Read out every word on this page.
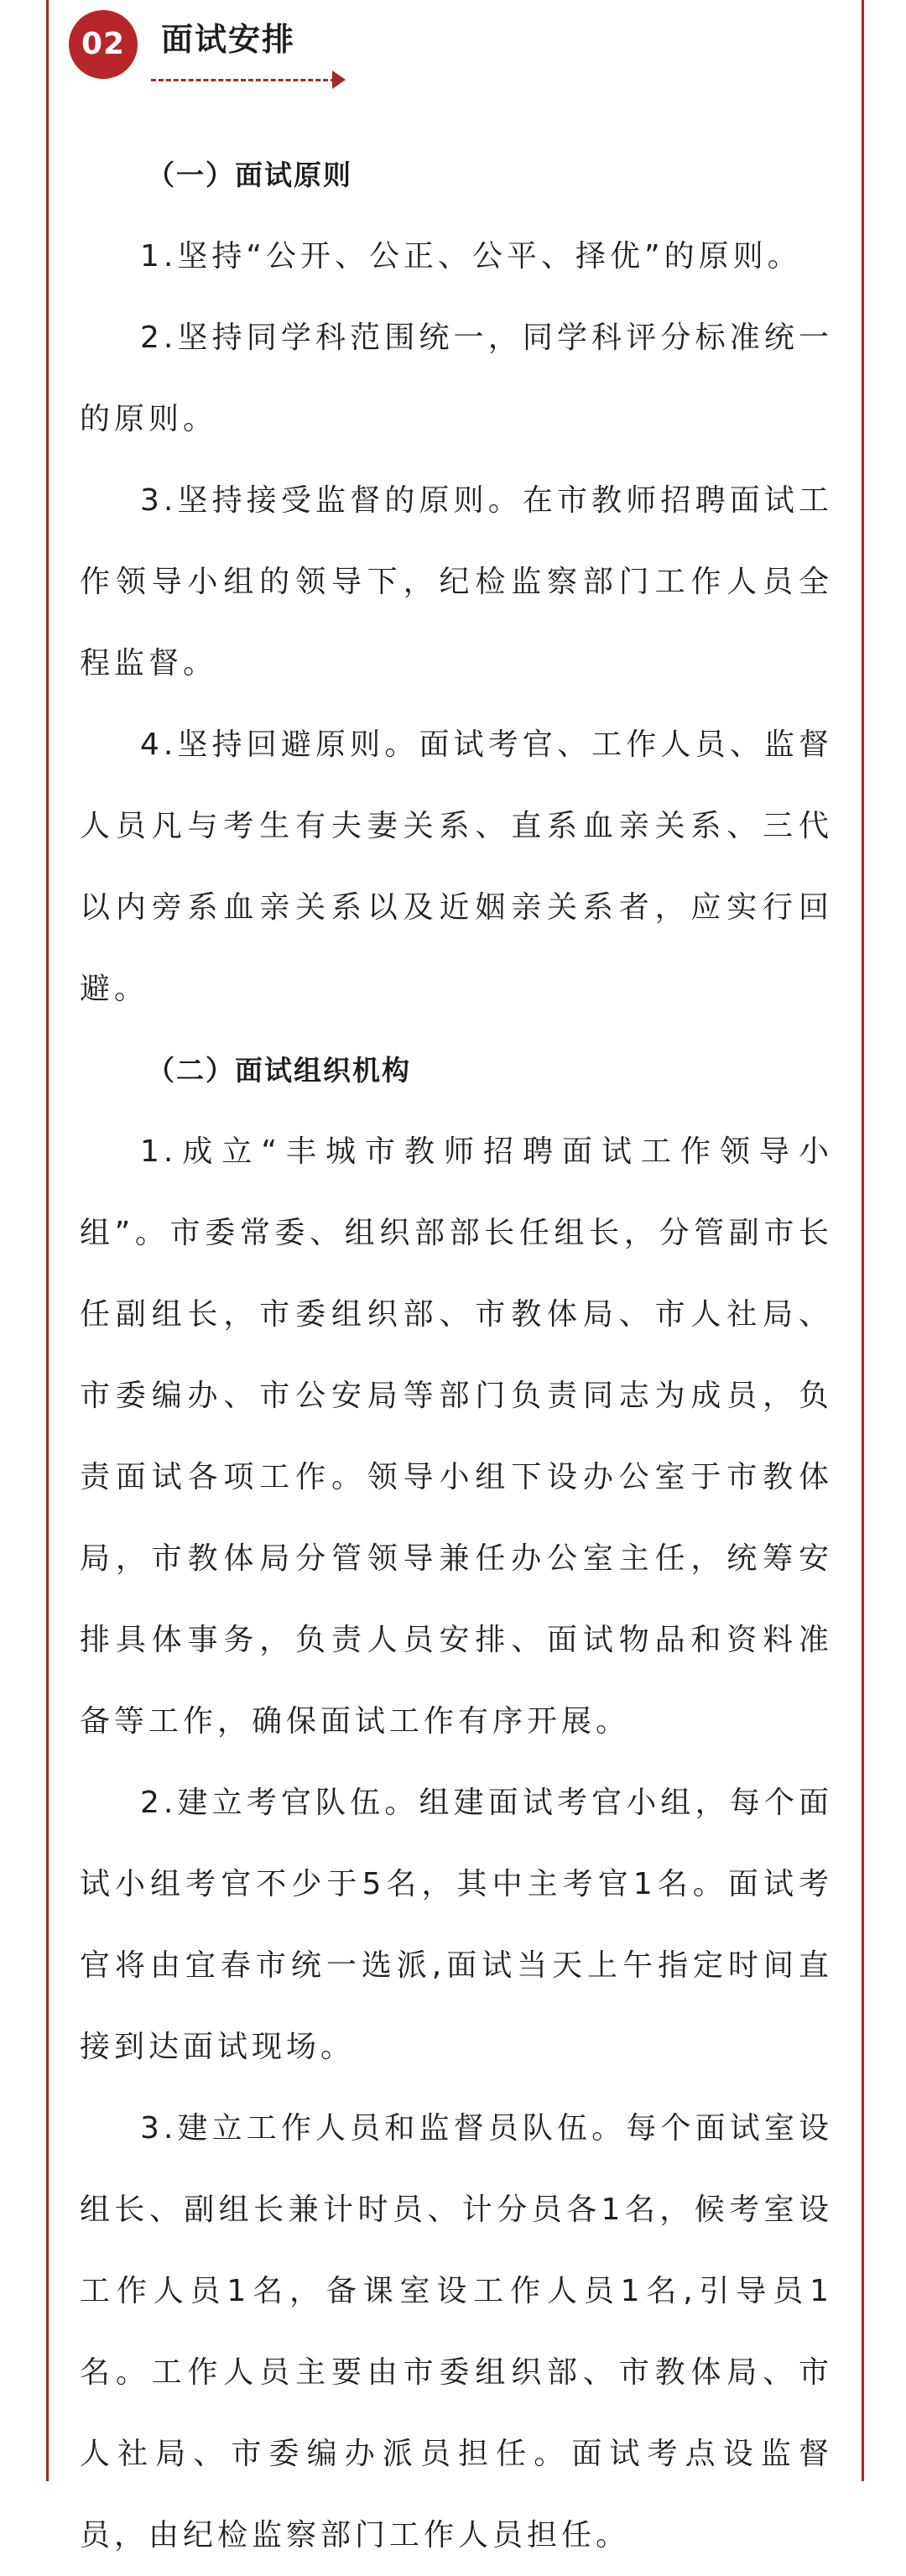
02	面试安排

（一）面试原则

1.坚持“公开、公正、公平、择优”的原则。

2.坚持同学科范围统一，同学科评分标准统一的原则。

3.坚持接受监督的原则。在市教师招聘面试工作领导小组的领导下，纪检监察部门工作人员全程监督。

4.坚持回避原则。面试考官、工作人员、监督人员凡与考生有夫妻关系、直系血亲关系、三代以内旁系血亲关系以及近姻亲关系者，应实行回避。

（二）面试组织机构

1.成立“丰城市教师招聘面试工作领导小组”。市委常委、组织部部长任组长，分管副市长任副组长，市委组织部、市教体局、市人社局、市委编办、市公安局等部门负责同志为成员，负责面试各项工作。领导小组下设办公室于市教体局，市教体局分管领导兼任办公室主任，统筹安排具体事务，负责人员安排、面试物品和资料准备等工作，确保面试工作有序开展。

2.建立考官队伍。组建面试考官小组，每个面试小组考官不少于5名，其中主考官1名。面试考官将由宜春市统一选派,面试当天上午指定时间直接到达面试现场。

3.建立工作人员和监督员队伍。每个面试室设组长、副组长兼计时员、计分员各1名，候考室设工作人员1名，备课室设工作人员1名,引导员1名。工作人员主要由市委组织部、市教体局、市人社局、市委编办派员担任。面试考点设监督员，由纪检监察部门工作人员担任。
